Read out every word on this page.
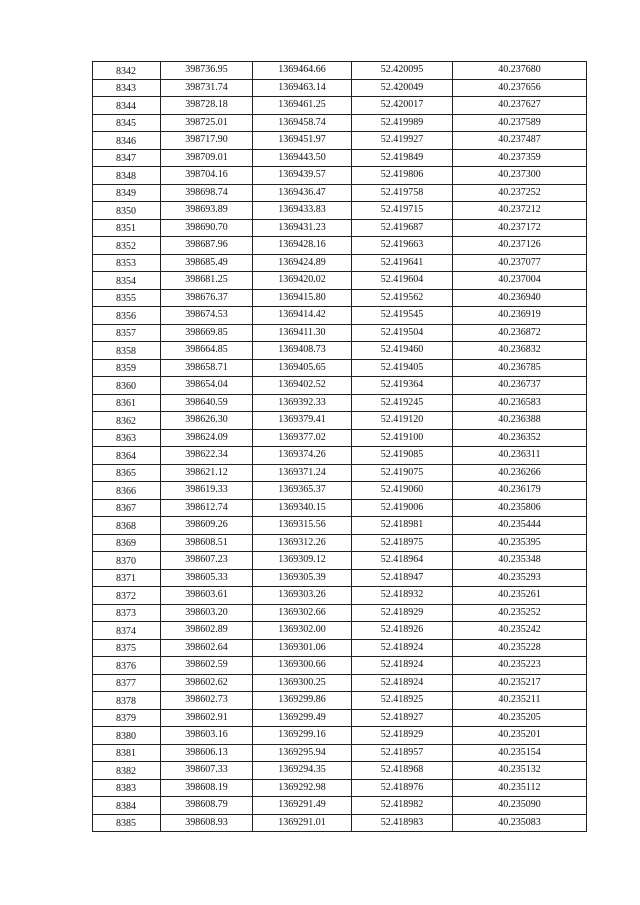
8342	398736.95	1369464.66	52.420095	40.237680
8343	398731.74	1369463.14	52.420049	40.237656
8344	398728.18	1369461.25	52.420017	40.237627
8345	398725.01	1369458.74	52.419989	40.237589
8346	398717.90	1369451.97	52.419927	40.237487
8347	398709.01	1369443.50	52.419849	40.237359
8348	398704.16	1369439.57	52.419806	40.237300
8349	398698.74	1369436.47	52.419758	40.237252
8350	398693.89	1369433.83	52.419715	40.237212
8351	398690.70	1369431.23	52.419687	40.237172
8352	398687.96	1369428.16	52.419663	40.237126
8353	398685.49	1369424.89	52.419641	40.237077
8354	398681.25	1369420.02	52.419604	40.237004
8355	398676.37	1369415.80	52.419562	40.236940
8356	398674.53	1369414.42	52.419545	40.236919
8357	398669.85	1369411.30	52.419504	40.236872
8358	398664.85	1369408.73	52.419460	40.236832
8359	398658.71	1369405.65	52.419405	40.236785
8360	398654.04	1369402.52	52.419364	40.236737
8361	398640.59	1369392.33	52.419245	40.236583
8362	398626.30	1369379.41	52.419120	40.236388
8363	398624.09	1369377.02	52.419100	40.236352
8364	398622.34	1369374.26	52.419085	40.236311
8365	398621.12	1369371.24	52.419075	40.236266
8366	398619.33	1369365.37	52.419060	40.236179
8367	398612.74	1369340.15	52.419006	40.235806
8368	398609.26	1369315.56	52.418981	40.235444
8369	398608.51	1369312.26	52.418975	40.235395
8370	398607.23	1369309.12	52.418964	40.235348
8371	398605.33	1369305.39	52.418947	40.235293
8372	398603.61	1369303.26	52.418932	40.235261
8373	398603.20	1369302.66	52.418929	40.235252
8374	398602.89	1369302.00	52.418926	40.235242
8375	398602.64	1369301.06	52.418924	40.235228
8376	398602.59	1369300.66	52.418924	40.235223
8377	398602.62	1369300.25	52.418924	40.235217
8378	398602.73	1369299.86	52.418925	40.235211
8379	398602.91	1369299.49	52.418927	40.235205
8380	398603.16	1369299.16	52.418929	40.235201
8381	398606.13	1369295.94	52.418957	40.235154
8382	398607.33	1369294.35	52.418968	40.235132
8383	398608.19	1369292.98	52.418976	40.235112
8384	398608.79	1369291.49	52.418982	40.235090
8385	398608.93	1369291.01	52.418983	40.235083
